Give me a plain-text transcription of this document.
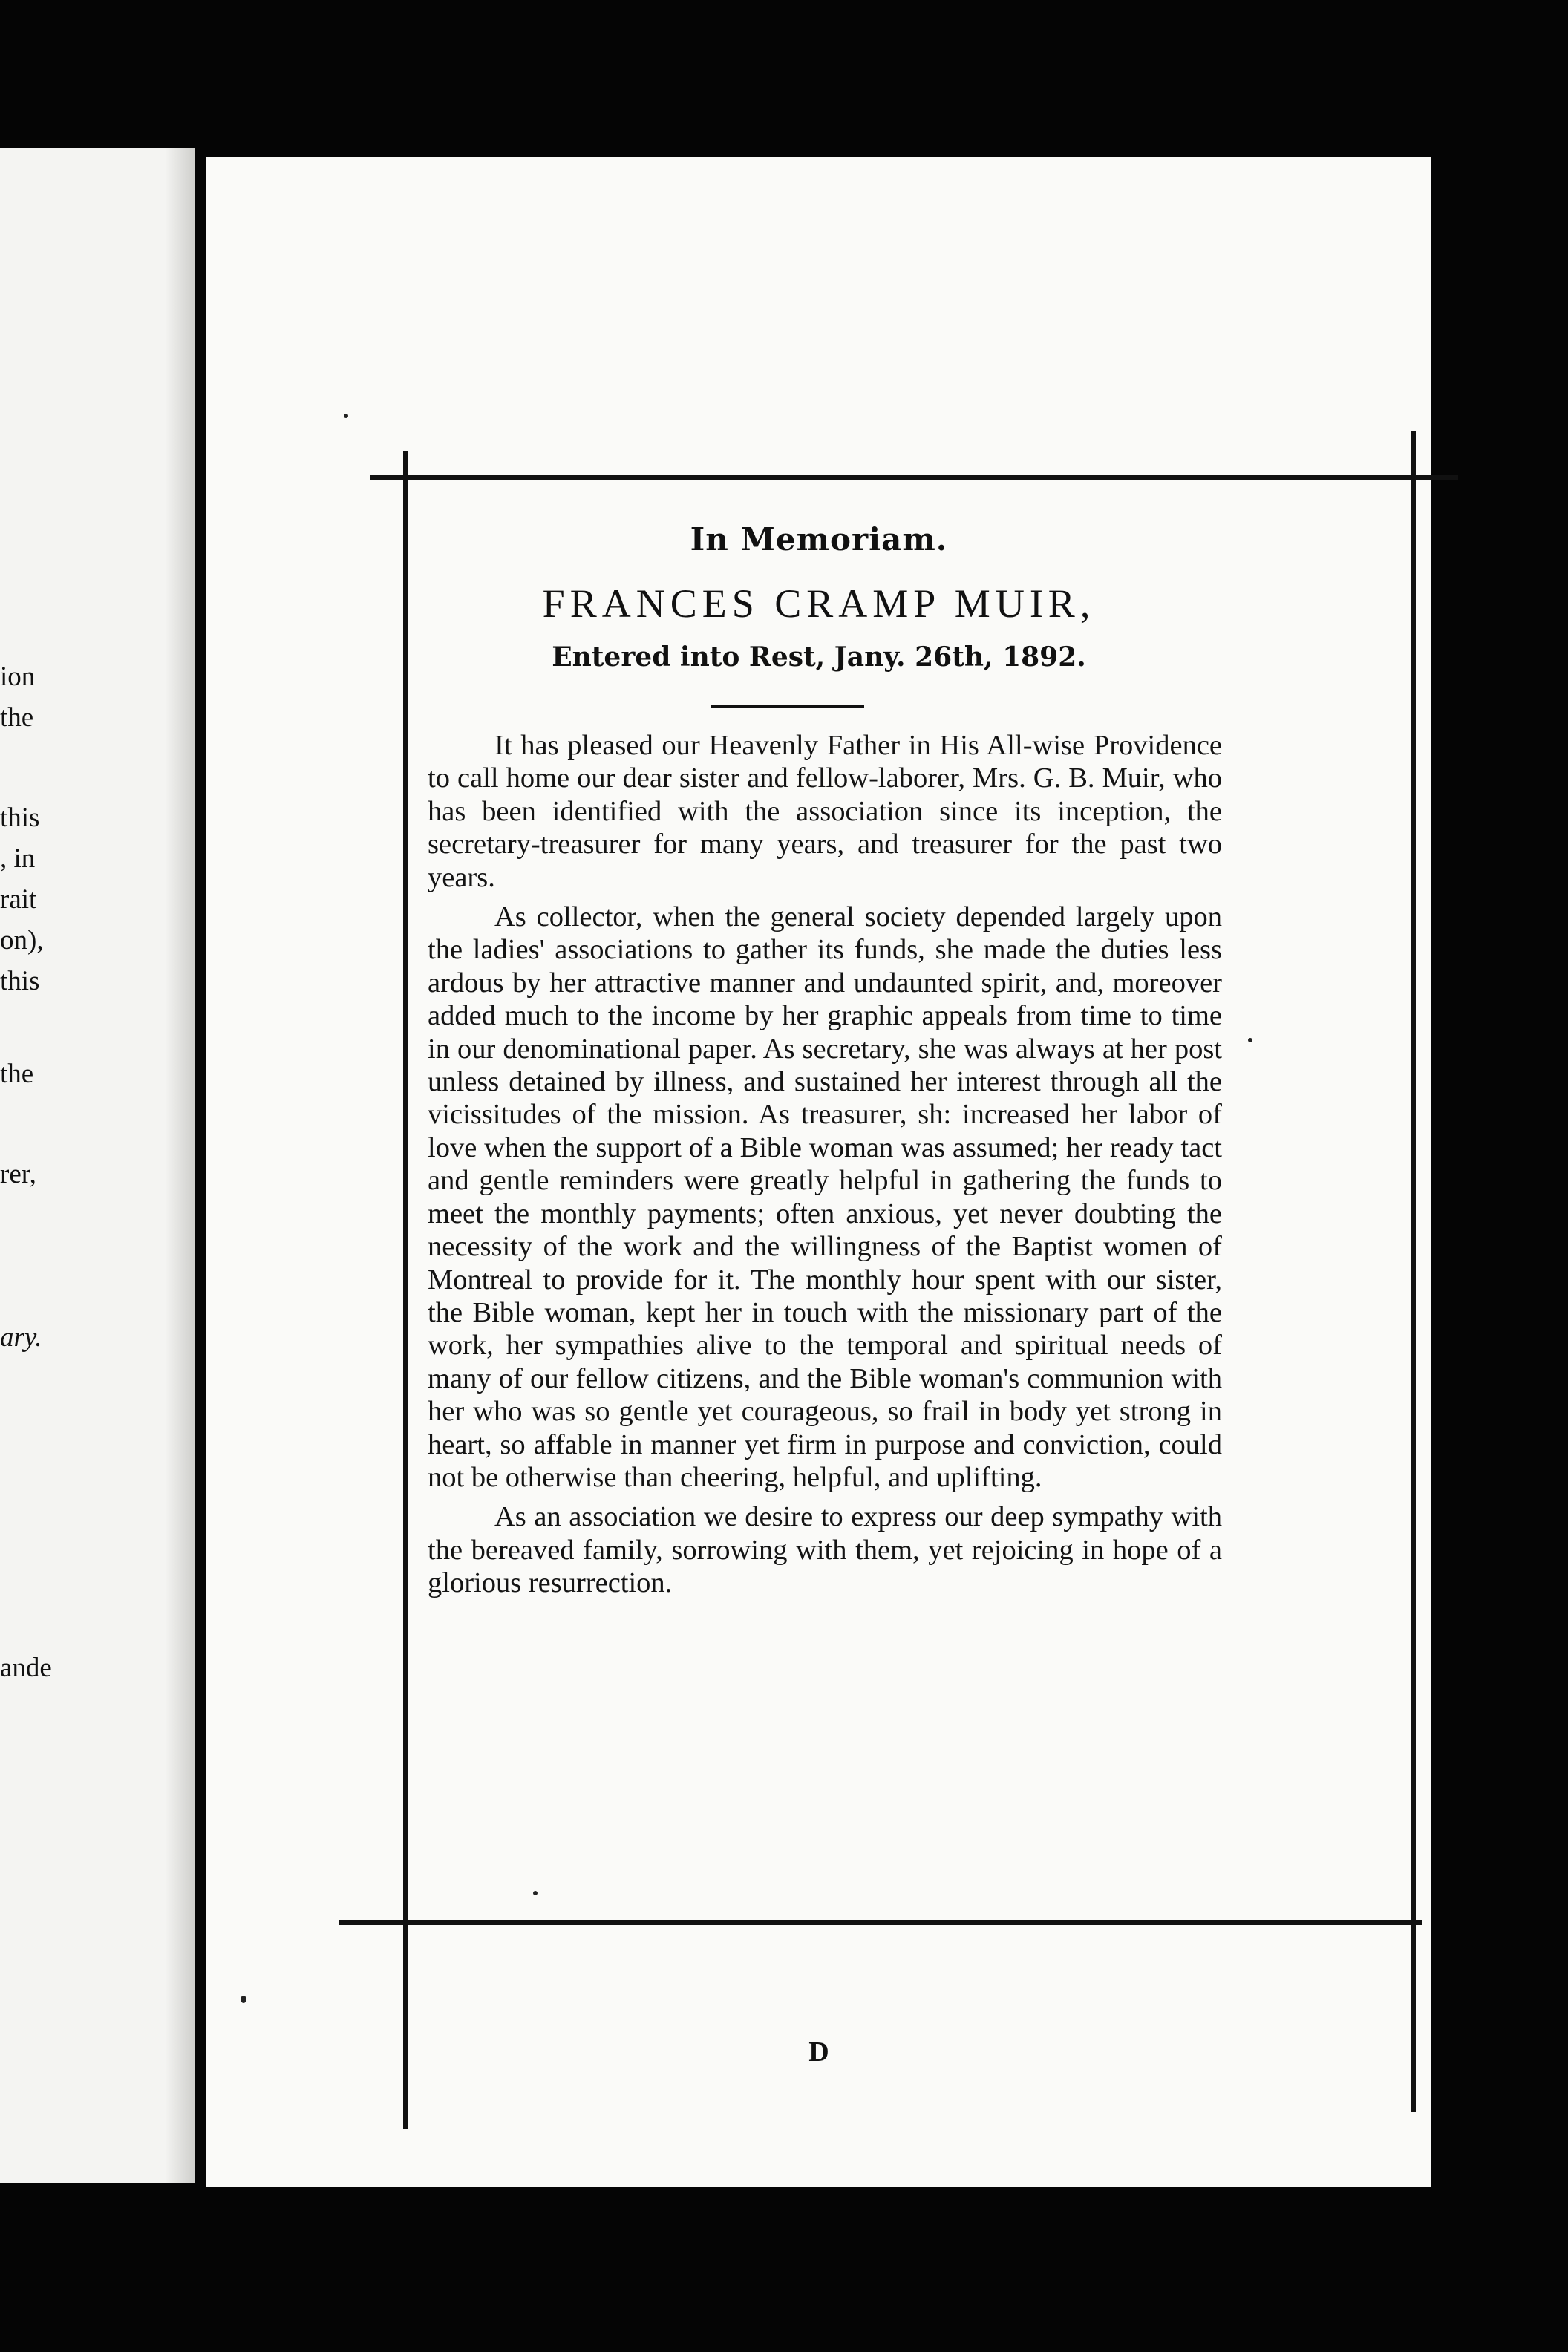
ion
the
this
, in
rait
on),
this
the
rer,
ary.
ande
In Memoriam.
FRANCES CRAMP MUIR,
Entered into Rest, Jany. 26th, 1892.

It has pleased our Heavenly Father in His All-wise Providence to call home our dear sister and fellow-laborer, Mrs. G. B. Muir, who has been identified with the association since its inception, the secretary-treasurer for many years, and treasurer for the past two years.

As collector, when the general society depended largely upon the ladies' associations to gather its funds, she made the duties less ardous by her attractive manner and undaunted spirit, and, moreover added much to the income by her graphic appeals from time to time in our denominational paper. As secretary, she was always at her post unless detained by illness, and sustained her interest through all the vicissitudes of the mission. As treasurer, sh: increased her labor of love when the support of a Bible woman was assumed; her ready tact and gentle reminders were greatly helpful in gathering the funds to meet the monthly payments; often anxious, yet never doubting the necessity of the work and the willingness of the Baptist women of Montreal to provide for it. The monthly hour spent with our sister, the Bible woman, kept her in touch with the missionary part of the work, her sympathies alive to the temporal and spiritual needs of many of our fellow citizens, and the Bible woman's communion with her who was so gentle yet courageous, so frail in body yet strong in heart, so affable in manner yet firm in purpose and conviction, could not be otherwise than cheering, helpful, and uplifting.

As an association we desire to express our deep sympathy with the bereaved family, sorrowing with them, yet rejoicing in hope of a glorious resurrection.

D
